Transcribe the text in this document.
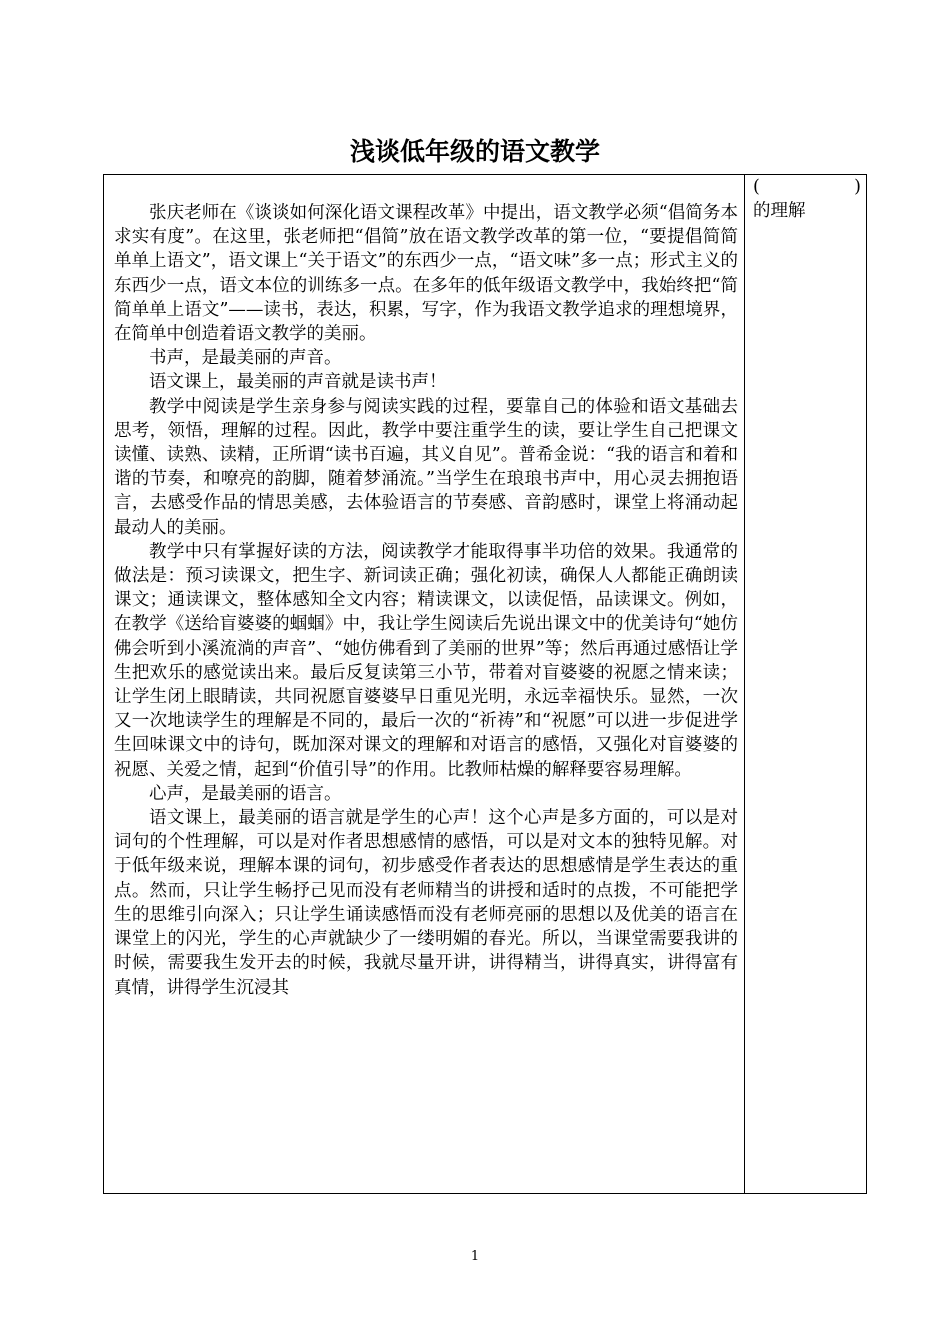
浅谈低年级的语文教学

张庆老师在《谈谈如何深化语文课程改革》中提出，语文教学必须“倡简务本求实有度”。在这里，张老师把“倡简”放在语文教学改革的第一位，“要提倡简简单单上语文”，语文课上“关于语文”的东西少一点，“语文味”多一点；形式主义的东西少一点，语文本位的训练多一点。在多年的低年级语文教学中，我始终把“简简单单上语文”——读书，表达，积累，写字，作为我语文教学追求的理想境界，在简单中创造着语文教学的美丽。

书声，是最美丽的声音。

语文课上，最美丽的声音就是读书声！

教学中阅读是学生亲身参与阅读实践的过程，要靠自己的体验和语文基础去思考，领悟，理解的过程。因此，教学中要注重学生的读，要让学生自己把课文读懂、读熟、读精，正所谓“读书百遍，其义自见”。普希金说：“我的语言和着和谐的节奏，和嘹亮的韵脚，随着梦涌流。”当学生在琅琅书声中，用心灵去拥抱语言，去感受作品的情思美感，去体验语言的节奏感、音韵感时，课堂上将涌动起最动人的美丽。

教学中只有掌握好读的方法，阅读教学才能取得事半功倍的效果。我通常的做法是：预习读课文，把生字、新词读正确；强化初读，确保人人都能正确朗读课文；通读课文，整体感知全文内容；精读课文，以读促悟，品读课文。例如，在教学《送给盲婆婆的蝈蝈》中，我让学生阅读后先说出课文中的优美诗句“她仿佛会听到小溪流淌的声音”、“她仿佛看到了美丽的世界”等；然后再通过感悟让学生把欢乐的感觉读出来。最后反复读第三小节，带着对盲婆婆的祝愿之情来读；让学生闭上眼睛读，共同祝愿盲婆婆早日重见光明，永远幸福快乐。显然，一次又一次地读学生的理解是不同的，最后一次的“祈祷”和“祝愿”可以进一步促进学生回味课文中的诗句，既加深对课文的理解和对语言的感悟，又强化对盲婆婆的祝愿、关爱之情，起到“价值引导”的作用。比教师枯燥的解释要容易理解。

心声，是最美丽的语言。

语文课上，最美丽的语言就是学生的心声！这个心声是多方面的，可以是对词句的个性理解，可以是对作者思想感情的感悟，可以是对文本的独特见解。对于低年级来说，理解本课的词句，初步感受作者表达的思想感情是学生表达的重点。然而，只让学生畅抒己见而没有老师精当的讲授和适时的点拨，不可能把学生的思维引向深入；只让学生诵读感悟而没有老师亮丽的思想以及优美的语言在课堂上的闪光，学生的心声就缺少了一缕明媚的春光。所以，当课堂需要我讲的时候，需要我生发开去的时候，我就尽量开讲，讲得精当，讲得真实，讲得富有真情，讲得学生沉浸其

(	)
的理解
1
